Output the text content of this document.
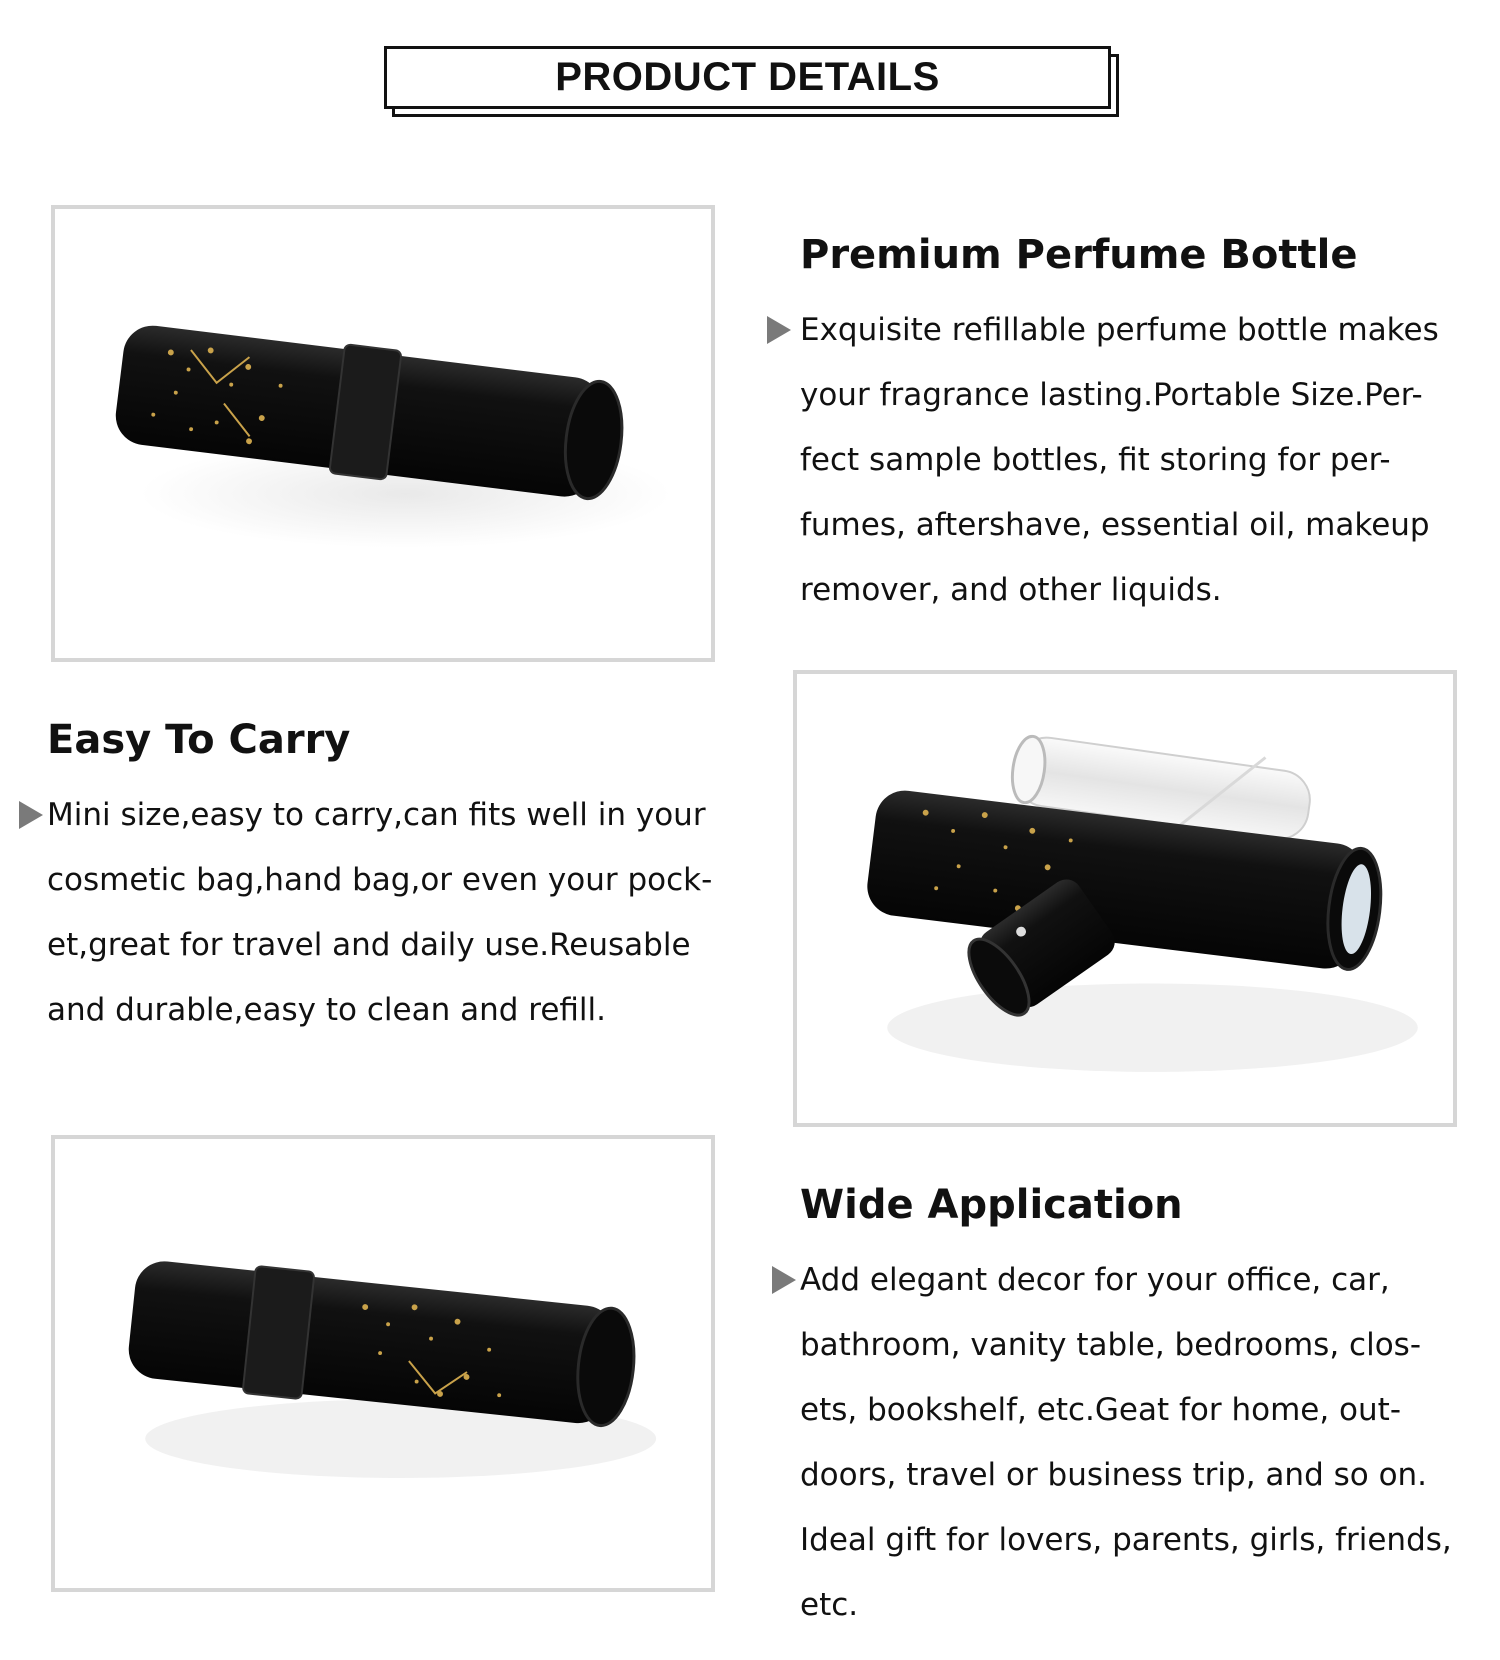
PRODUCT DETAILS
Premium Perfume Bottle

Exquisite refillable perfume bottle makes

your fragrance lasting.Portable Size.Per-

fect sample bottles, fit storing for per-

fumes, aftershave, essential oil, makeup

remover, and other liquids.

Easy To Carry

Mini size,easy to carry,can fits well in your

cosmetic bag,hand bag,or even your pock-

et,great for travel and daily use.Reusable

and durable,easy to clean and refill.

Wide Application

Add elegant decor for your office, car,

bathroom, vanity table, bedrooms, clos-

ets, bookshelf, etc.Geat for home, out-

doors, travel or business trip, and so on.

Ideal gift for lovers, parents, girls, friends,

etc.
